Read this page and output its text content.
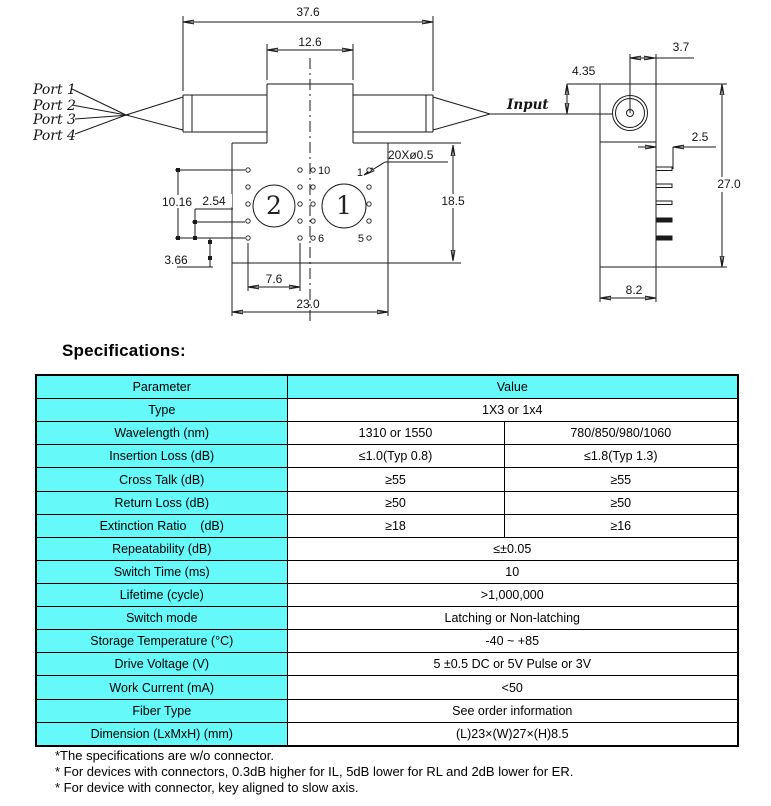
37.6
12.6
10.16 2.54
3.66
7.6
23.0
18.5
20Xø0.5
10
6
1
5
2 1
Port 1
Port 2
Port 3
Port 4
Input
4.35
3.7
2.5
27.0
8.2
Specifications:
Parameter	Value	
Type	1X3 or 1x4	
Wavelength (nm)	1310 or 1550	780/850/980/1060
Insertion Loss (dB)	≤1.0(Typ 0.8)	≤1.8(Typ 1.3)
Cross Talk (dB)	≥55	≥55
Return Loss (dB)	≥50	≥50
Extinction Ratio    (dB)	≥18	≥16
Repeatability (dB)	≤±0.05	
Switch Time (ms)	10	
Lifetime (cycle)	>1,000,000	
Switch mode	Latching or Non-latching	
Storage Temperature (°C)	-40 ~ +85	
Drive Voltage (V)	5 ±0.5 DC or 5V Pulse or 3V	
Work Current (mA)	<50	
Fiber Type	See order information	
Dimension (LxMxH) (mm)	(L)23×(W)27×(H)8.5	
*The specifications are w/o connector.
* For devices with connectors, 0.3dB higher for IL, 5dB lower for RL and 2dB lower for ER.
* For device with connector, key aligned to slow axis.
